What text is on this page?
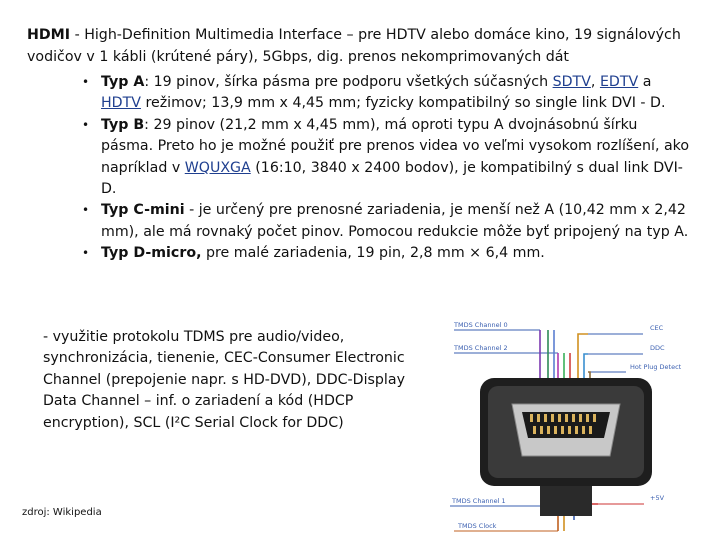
HDMI - High-Definition Multimedia Interface – pre HDTV alebo domáce kino, 19 signálových vodičov v 1 kábli (krútené páry), 5Gbps, dig. prenos nekomprimovaných dát
• Typ A: 19 pinov, šírka pásma pre podporu všetkých súčasných SDTV, EDTV a HDTV režimov; 13,9 mm x 4,45 mm; fyzicky kompatibilný so single link DVI - D.
• Typ B: 29 pinov (21,2 mm x 4,45 mm), má oproti typu A dvojnásobnú šírku pásma. Preto ho je možné použiť pre prenos videa vo veľmi vysokom rozlíšení, ako napríklad v WQUXGA (16:10, 3840 x 2400 bodov), je kompatibilný s dual link DVI-D.
• Typ C-mini - je určený pre prenosné zariadenia, je menší než A (10,42 mm x 2,42 mm), ale má rovnaký počet pinov. Pomocou redukcie môže byť pripojený na typ A.
• Typ D-micro, pre malé zariadenia, 19 pin, 2,8 mm × 6,4 mm.
- využitie protokolu TDMS pre audio/video, synchronizácia, tienenie, CEC-Consumer Electronic Channel (prepojenie napr. s HD-DVD), DDC-Display Data Channel – inf. o zariadení a kód (HDCP encryption), SCL (I²C Serial Clock for DDC)
zdroj: Wikipedia
TMDS Channel 0
TMDS Channel 2
CEC
DDC
Hot Plug Detect
TMDS Channel 1	+5V
TMDS Clock
